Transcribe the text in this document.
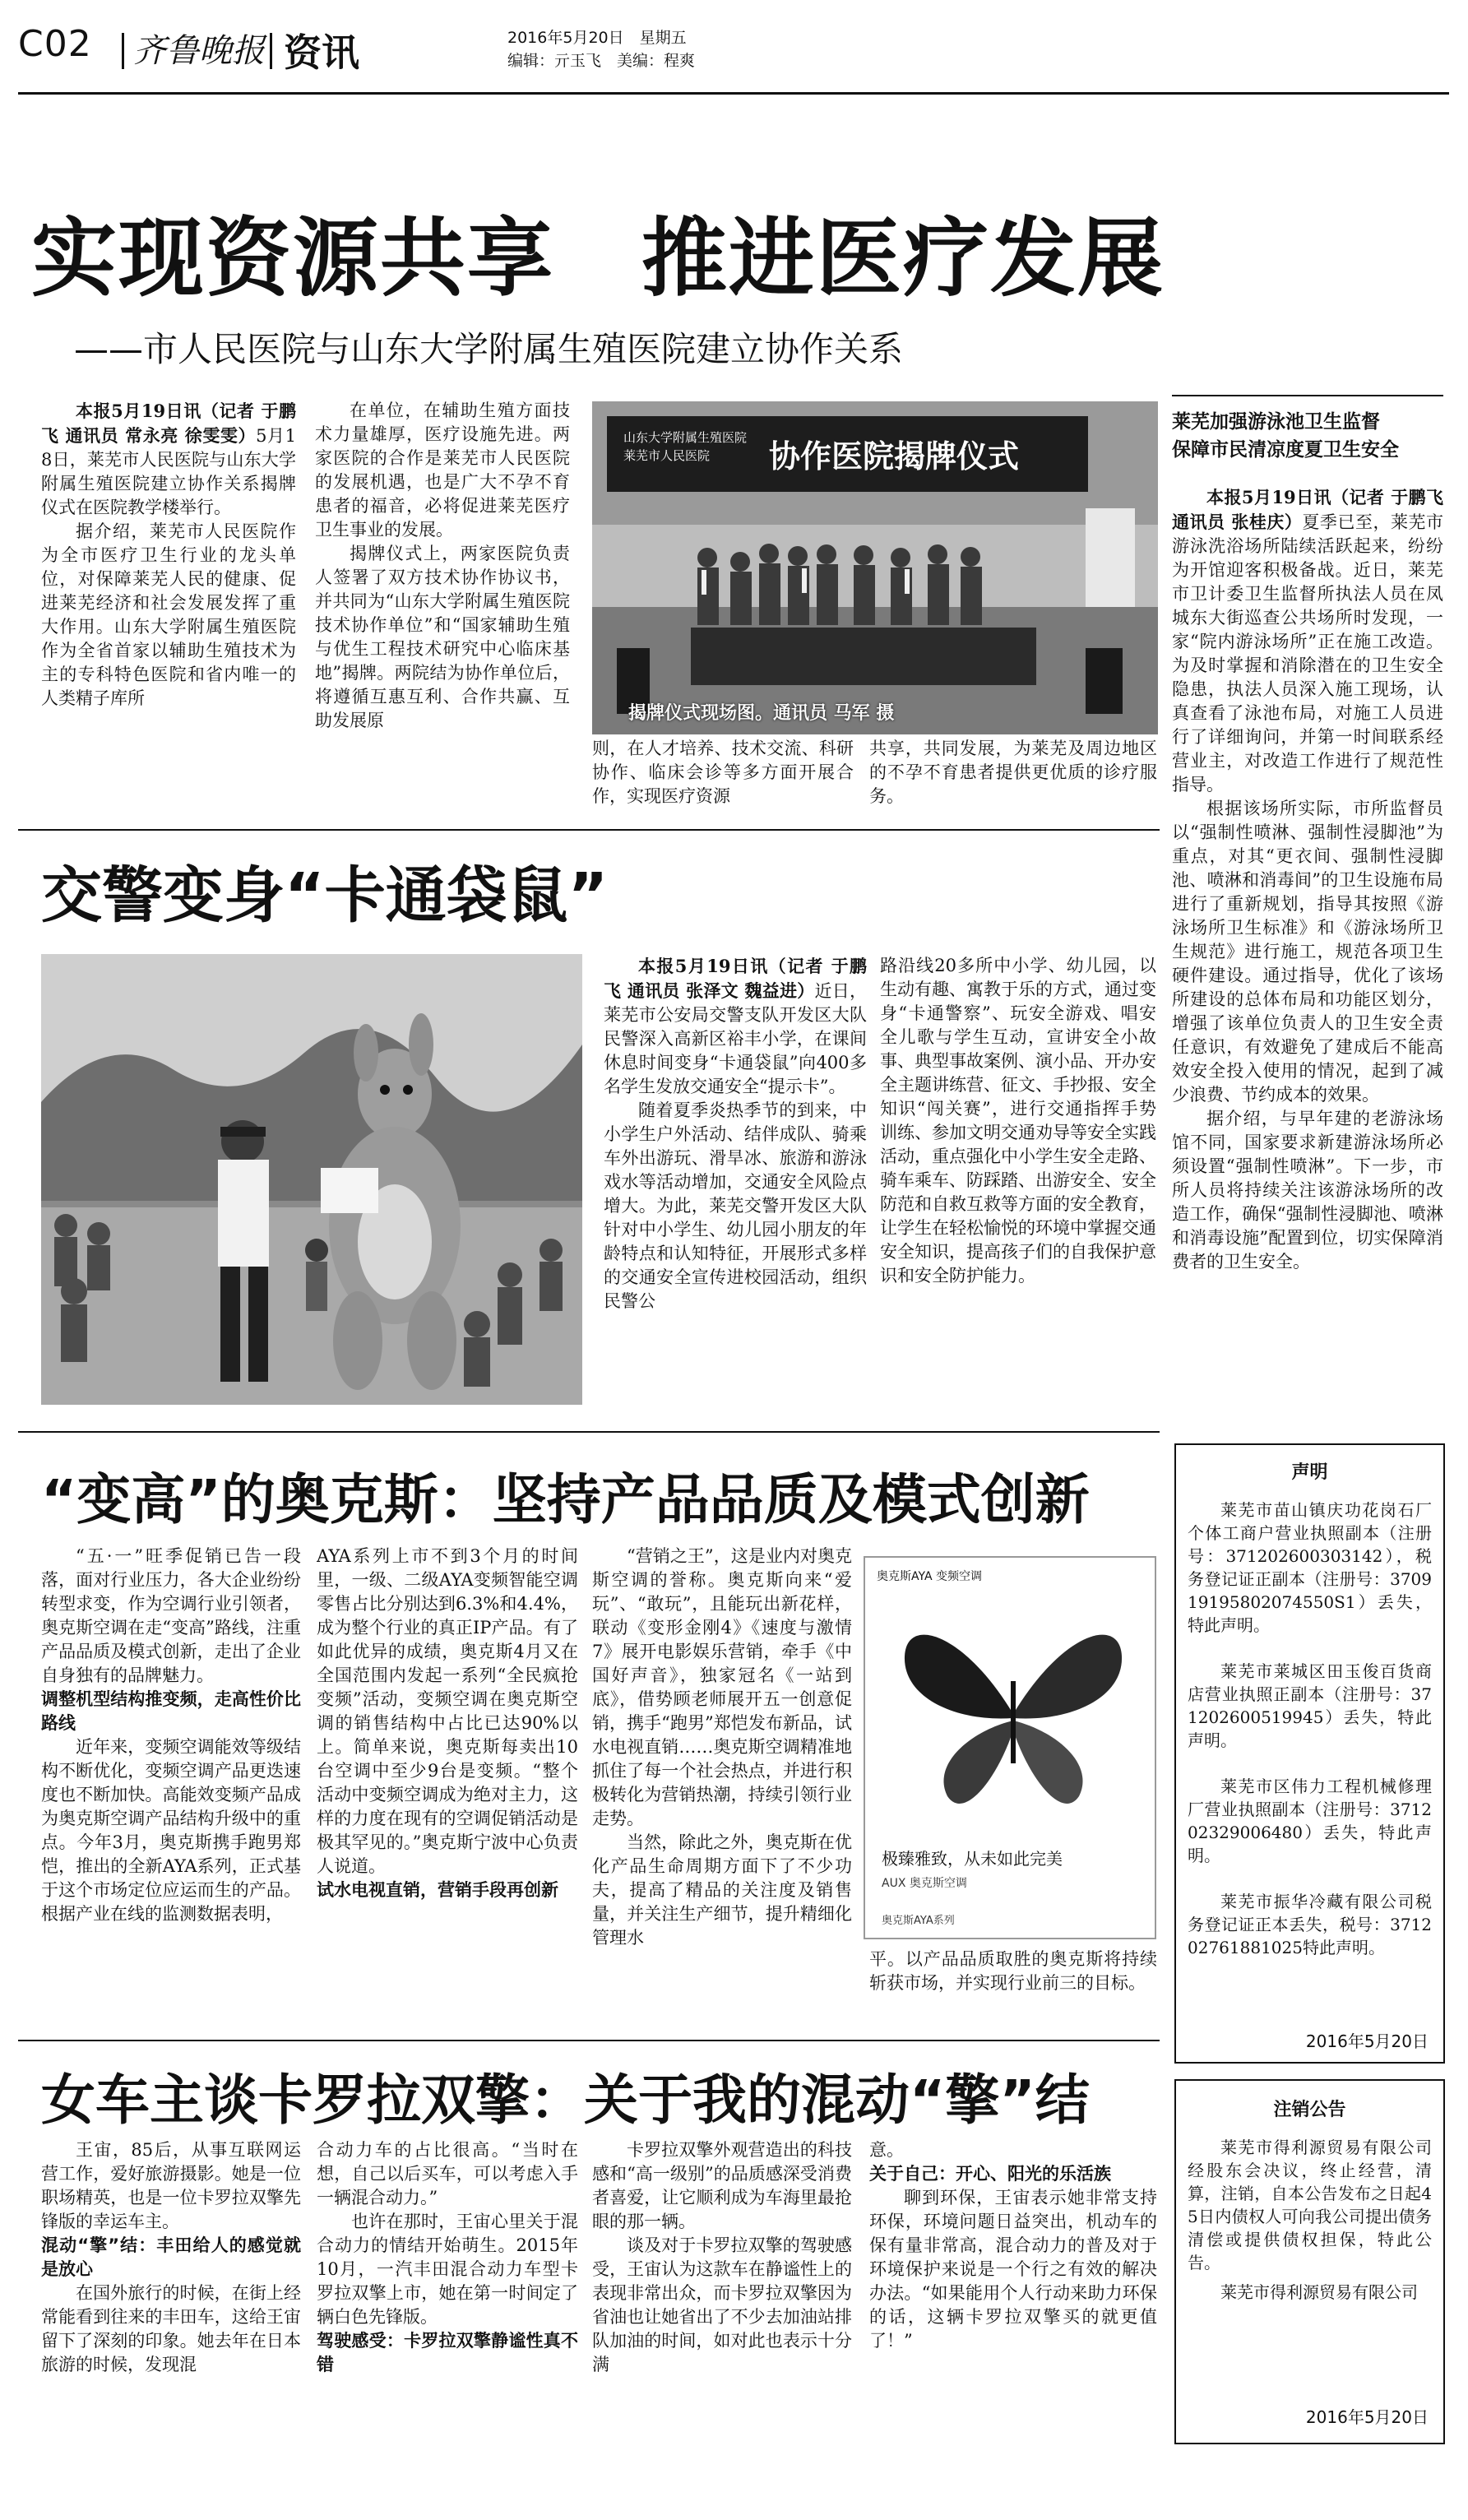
C02 齐鲁晚报 资讯	2016年5月20日　星期五
编辑：亓玉飞　美编：程爽
实现资源共享　推进医疗发展
——市人民医院与山东大学附属生殖医院建立协作关系

本报5月19日讯（记者 于鹏飞 通讯员 常永亮 徐雯雯）5月18日，莱芜市人民医院与山东大学附属生殖医院建立协作关系揭牌仪式在医院教学楼举行。

据介绍，莱芜市人民医院作为全市医疗卫生行业的龙头单位，对保障莱芜人民的健康、促进莱芜经济和社会发展发挥了重大作用。山东大学附属生殖医院作为全省首家以辅助生殖技术为主的专科特色医院和省内唯一的人类精子库所

在单位，在辅助生殖方面技术力量雄厚，医疗设施先进。两家医院的合作是莱芜市人民医院的发展机遇，也是广大不孕不育患者的福音，必将促进莱芜医疗卫生事业的发展。

揭牌仪式上，两家医院负责人签署了双方技术协作协议书，并共同为“山东大学附属生殖医院技术协作单位”和“国家辅助生殖与优生工程技术研究中心临床基地”揭牌。两院结为协作单位后，将遵循互惠互利、合作共赢、互助发展原

山东大学附属生殖医院
莱芜市人民医院 协作医院揭牌仪式
揭牌仪式现场图。通讯员 马军 摄

则，在人才培养、技术交流、科研协作、临床会诊等多方面开展合作，实现医疗资源

共享，共同发展，为莱芜及周边地区的不孕不育患者提供更优质的诊疗服务。

莱芜加强游泳池卫生监督
保障市民清凉度夏卫生安全

本报5月19日讯（记者 于鹏飞 通讯员 张桂庆）夏季已至，莱芜市游泳洗浴场所陆续活跃起来，纷纷为开馆迎客积极备战。近日，莱芜市卫计委卫生监督所执法人员在凤城东大街巡查公共场所时发现，一家“院内游泳场所”正在施工改造。为及时掌握和消除潜在的卫生安全隐患，执法人员深入施工现场，认真查看了泳池布局，对施工人员进行了详细询问，并第一时间联系经营业主，对改造工作进行了规范性指导。

根据该场所实际，市所监督员以“强制性喷淋、强制性浸脚池”为重点，对其“更衣间、强制性浸脚池、喷淋和消毒间”的卫生设施布局进行了重新规划，指导其按照《游泳场所卫生标准》和《游泳场所卫生规范》进行施工，规范各项卫生硬件建设。通过指导，优化了该场所建设的总体布局和功能区划分，增强了该单位负责人的卫生安全责任意识，有效避免了建成后不能高效安全投入使用的情况，起到了减少浪费、节约成本的效果。

据介绍，与早年建的老游泳场馆不同，国家要求新建游泳场所必须设置“强制性喷淋”。下一步，市所人员将持续关注该游泳场所的改造工作，确保“强制性浸脚池、喷淋和消毒设施”配置到位，切实保障消费者的卫生安全。

交警变身“卡通袋鼠”

本报5月19日讯（记者 于鹏飞 通讯员 张泽文 魏益进）近日，莱芜市公安局交警支队开发区大队民警深入高新区裕丰小学，在课间休息时间变身“卡通袋鼠”向400多名学生发放交通安全“提示卡”。

随着夏季炎热季节的到来，中小学生户外活动、结伴成队、骑乘车外出游玩、滑旱冰、旅游和游泳戏水等活动增加，交通安全风险点增大。为此，莱芜交警开发区大队针对中小学生、幼儿园小朋友的年龄特点和认知特征，开展形式多样的交通安全宣传进校园活动，组织民警公

路沿线20多所中小学、幼儿园，以生动有趣、寓教于乐的方式，通过变身“卡通警察”、玩安全游戏、唱安全儿歌与学生互动，宣讲安全小故事、典型事故案例、演小品、开办安全主题讲练营、征文、手抄报、安全知识“闯关赛”，进行交通指挥手势训练、参加文明交通劝导等安全实践活动，重点强化中小学生安全走路、骑车乘车、防踩踏、出游安全、安全防范和自救互救等方面的安全教育，让学生在轻松愉悦的环境中掌握交通安全知识，提高孩子们的自我保护意识和安全防护能力。

“变高”的奥克斯：坚持产品品质及模式创新

“五·一”旺季促销已告一段落，面对行业压力，各大企业纷纷转型求变，作为空调行业引领者，奥克斯空调在走“变高”路线，注重产品品质及模式创新，走出了企业自身独有的品牌魅力。

调整机型结构推变频，走高性价比路线

近年来，变频空调能效等级结构不断优化，变频空调产品更迭速度也不断加快。高能效变频产品成为奥克斯空调产品结构升级中的重点。今年3月，奥克斯携手跑男郑恺，推出的全新AYA系列，正式基于这个市场定位应运而生的产品。根据产业在线的监测数据表明，

AYA系列上市不到3个月的时间里，一级、二级AYA变频智能空调零售占比分别达到6.3%和4.4%，成为整个行业的真正IP产品。有了如此优异的成绩，奥克斯4月又在全国范围内发起一系列“全民疯抢变频”活动，变频空调在奥克斯空调的销售结构中占比已达90%以上。简单来说，奥克斯每卖出10台空调中至少9台是变频。“整个活动中变频空调成为绝对主力，这样的力度在现有的空调促销活动是极其罕见的。”奥克斯宁波中心负责人说道。

试水电视直销，营销手段再创新

“营销之王”，这是业内对奥克斯空调的誉称。奥克斯向来“爱玩”、“敢玩”，且能玩出新花样，联动《变形金刚4》《速度与激情7》展开电影娱乐营销，牵手《中国好声音》，独家冠名《一站到底》，借势顾老师展开五一创意促销，携手“跑男”郑恺发布新品，试水电视直销……奥克斯空调精准地抓住了每一个社会热点，并进行积极转化为营销热潮，持续引领行业走势。

当然，除此之外，奥克斯在优化产品生命周期方面下了不少功夫，提高了精品的关注度及销售量，并关注生产细节，提升精细化管理水

奥克斯AYA 变频空调
极臻雅致，从未如此完美
AUX 奥克斯空调
奥克斯AYA系列

平。以产品品质取胜的奥克斯将持续斩获市场，并实现行业前三的目标。

声明

莱芜市苗山镇庆功花岗石厂个体工商户营业执照副本（注册号：371202600303142），税务登记证正副本（注册号：370919195802074550S1）丢失，特此声明。

莱芜市莱城区田玉俊百货商店营业执照正副本（注册号：371202600519945）丢失，特此声明。

莱芜市区伟力工程机械修理厂营业执照副本（注册号：371202329006480）丢失，特此声明。

莱芜市振华冷藏有限公司税务登记证正本丢失，税号：371202761881025特此声明。

2016年5月20日
注销公告

莱芜市得利源贸易有限公司经股东会决议，终止经营，清算，注销，自本公告发布之日起45日内债权人可向我公司提出债务清偿或提供债权担保，特此公告。

莱芜市得利源贸易有限公司

2016年5月20日
女车主谈卡罗拉双擎：关于我的混动“擎”结

王宙，85后，从事互联网运营工作，爱好旅游摄影。她是一位职场精英，也是一位卡罗拉双擎先锋版的幸运车主。

混动“擎”结：丰田给人的感觉就是放心

在国外旅行的时候，在街上经常能看到往来的丰田车，这给王宙留下了深刻的印象。她去年在日本旅游的时候，发现混

合动力车的占比很高。“当时在想，自己以后买车，可以考虑入手一辆混合动力。”

也许在那时，王宙心里关于混合动力的情结开始萌生。2015年10月，一汽丰田混合动力车型卡罗拉双擎上市，她在第一时间定了辆白色先锋版。

驾驶感受：卡罗拉双擎静谧性真不错

卡罗拉双擎外观营造出的科技感和“高一级别”的品质感深受消费者喜爱，让它顺利成为车海里最抢眼的那一辆。

谈及对于卡罗拉双擎的驾驶感受，王宙认为这款车在静谧性上的表现非常出众，而卡罗拉双擎因为省油也让她省出了不少去加油站排队加油的时间，如对此也表示十分满

意。

关于自己：开心、阳光的乐活族

聊到环保，王宙表示她非常支持环保，环境问题日益突出，机动车的保有量非常高，混合动力的普及对于环境保护来说是一个行之有效的解决办法。“如果能用个人行动来助力环保的话，这辆卡罗拉双擎买的就更值了！”
